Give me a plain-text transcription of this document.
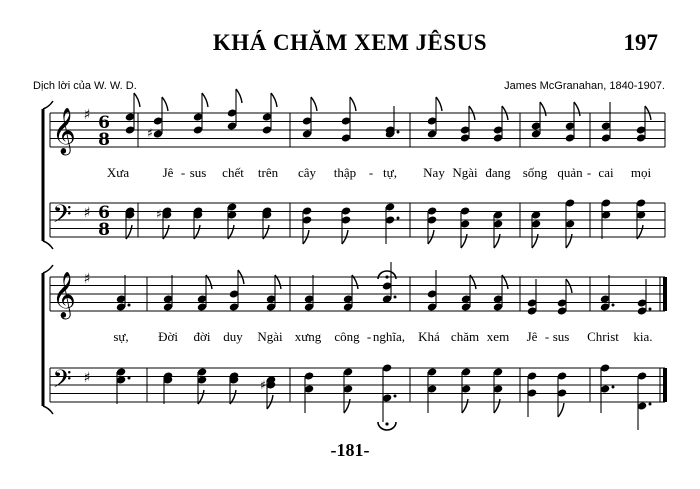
KHÁ CHĂM XEM JÊSUS	197
Dịch lời của W. W. D.	James McGranahan, 1840-1907.
𝄞
𝄢
♯
♯
6
8
6
8
𝄞
𝄢
♯
♯
♯
♯
♯
Xưa	Jê - sus chết trên cây thập - tự, Nay Ngài đang sống quản - cai mọi
sự, Đời đời duy Ngài xưng công - nghĩa, Khá chăm xem Jê - sus Christ kia.
-181-
